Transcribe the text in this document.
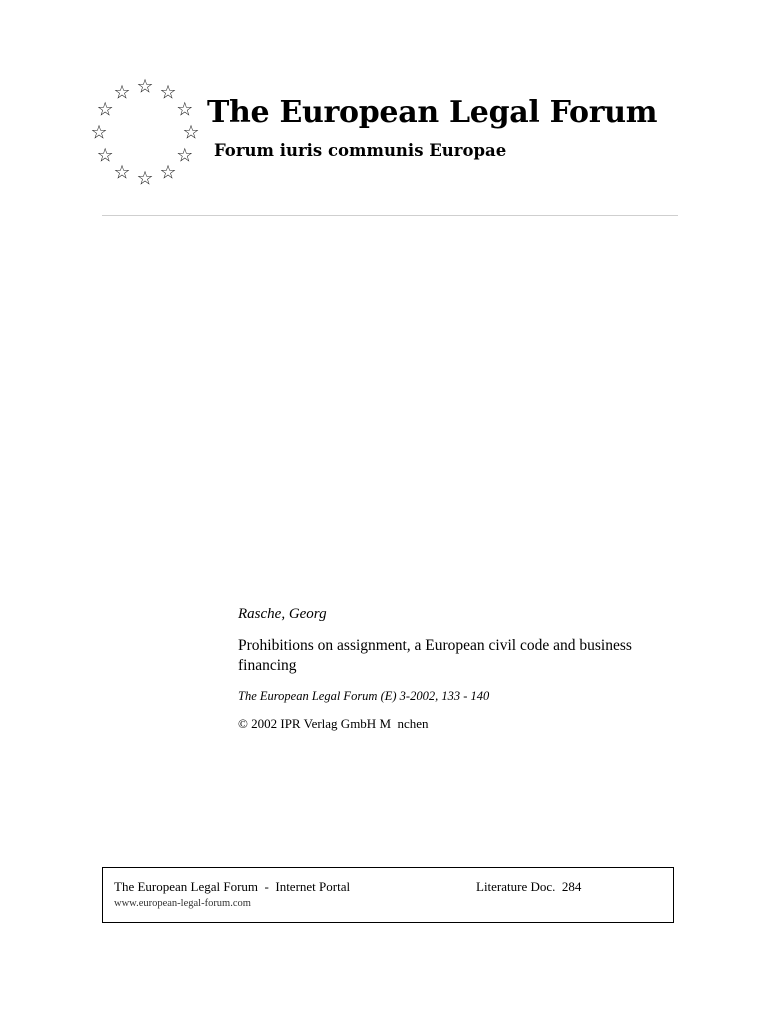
☆ ☆
☆
☆
☆
☆
☆
☆
☆
☆
☆
☆
The European Legal Forum
Forum iuris communis Europae
Rasche, Georg
Prohibitions on assignment, a European civil code and business financing
The European Legal Forum (E) 3-2002, 133 - 140
© 2002 IPR Verlag GmbH M  nchen
The European Legal Forum  -  Internet Portal
www.european-legal-forum.com
Literature Doc.  284
